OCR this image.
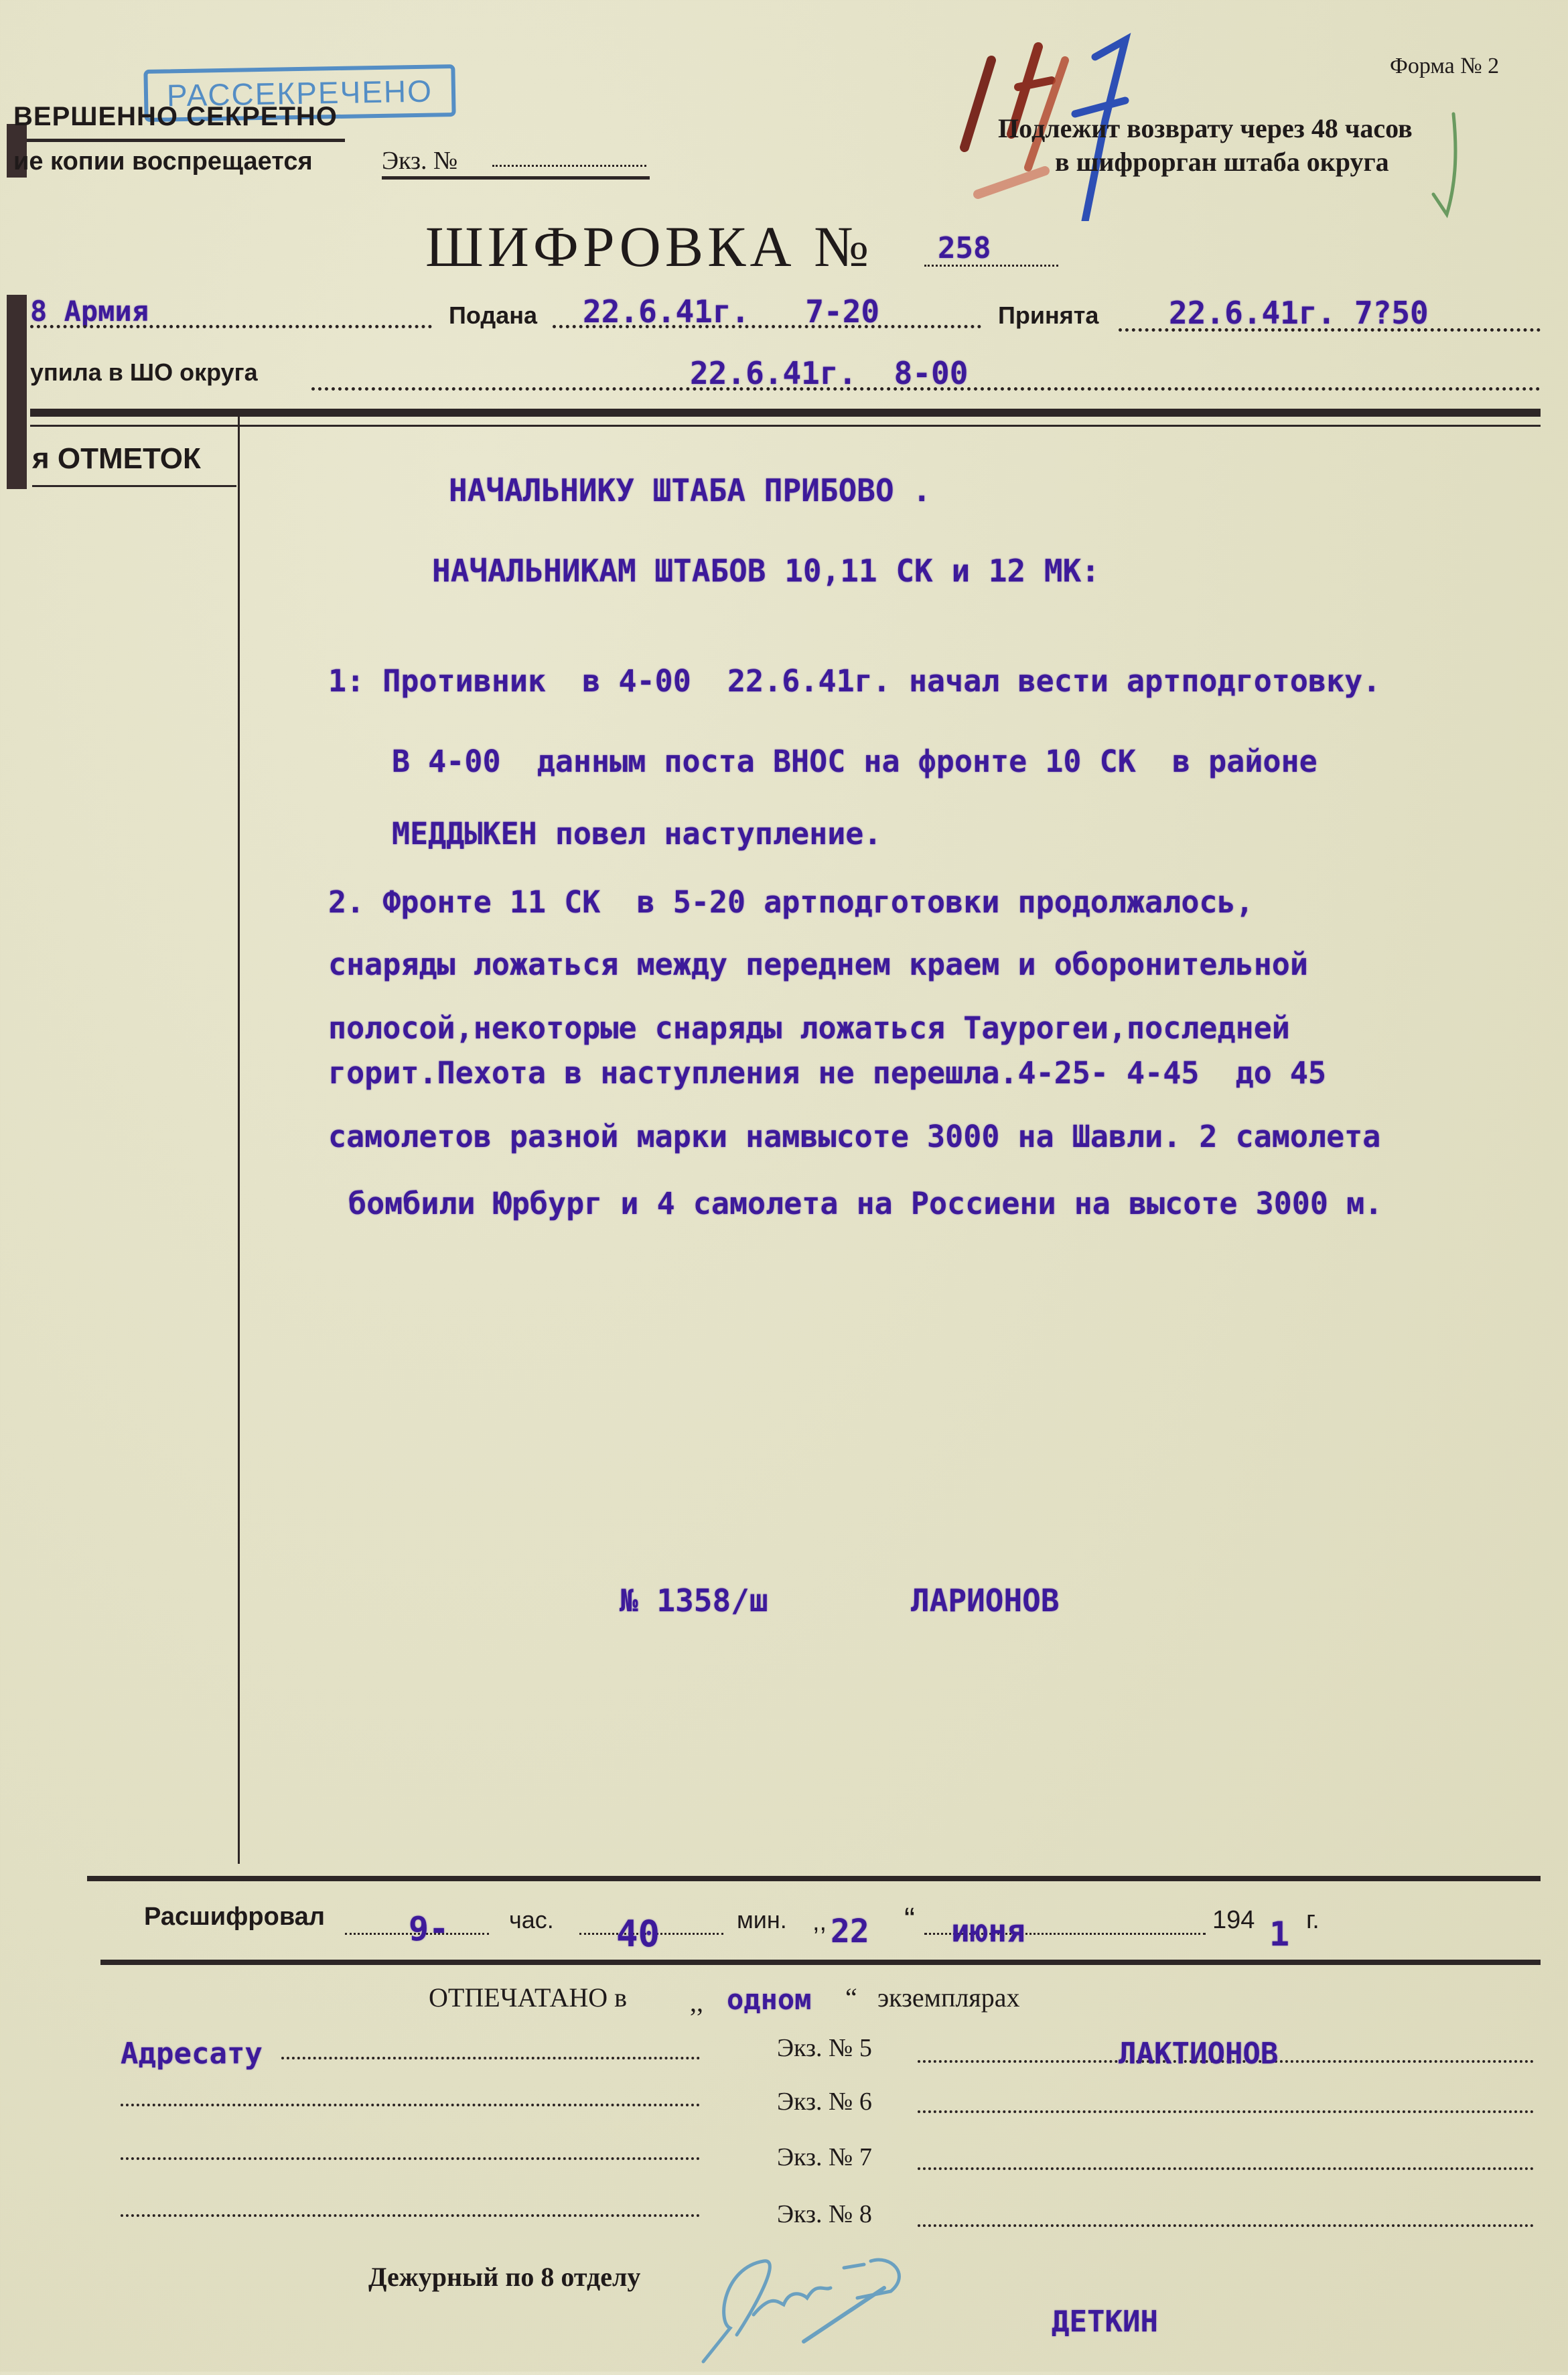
РАССЕКРЕЧЕНО
ВЕРШЕННО СЕКРЕТНО
ие копии воспрещается	Экз. №
Форма № 2
Подлежит возврату через 48 часов
в шифрорган штаба округа
ШИФРОВКА № 258
8 Армия	Подана 22.6.41г.   7-20	Принята 22.6.41г. 7?50
упила в ШО округа	22.6.41г.  8-00
я ОТМЕТОК
НАЧАЛЬНИКУ ШТАБА ПРИБОВО .
НАЧАЛЬНИКАМ ШТАБОВ 10,11 СК и 12 МК:
1: Противник  в 4-00  22.6.41г. начал вести артподготовку.
В 4-00  данным поста ВНОС на фронте 10 СК  в районе
МЕДДЫКЕН повел наступление.
2. Фронте 11 СК  в 5-20 артподготовки продолжалось,
снаряды ложаться между переднем краем и оборонительной
полосой,некоторые снаряды ложаться Таурогеи,последней
горит.Пехота в наступления не перешла.4-25- 4-45  до 45
самолетов разной марки намвысоте 3000 на Шавли. 2 самолета
бомбили Юрбург и 4 самолета на Россиени на высоте 3000 м.
№ 1358/ш	ЛАРИОНОВ
Расшифровал	9- час. 40	мин. ,, 22 “ июня	194 1 г.
ОТПЕЧАТАНО в ,, одном “ экземплярах
Адресату	Экз. № 5	ЛАКТИОНОВ
Экз. № 6
Экз. № 7
Экз. № 8
Дежурный по 8 отделу
ДЕТКИН
